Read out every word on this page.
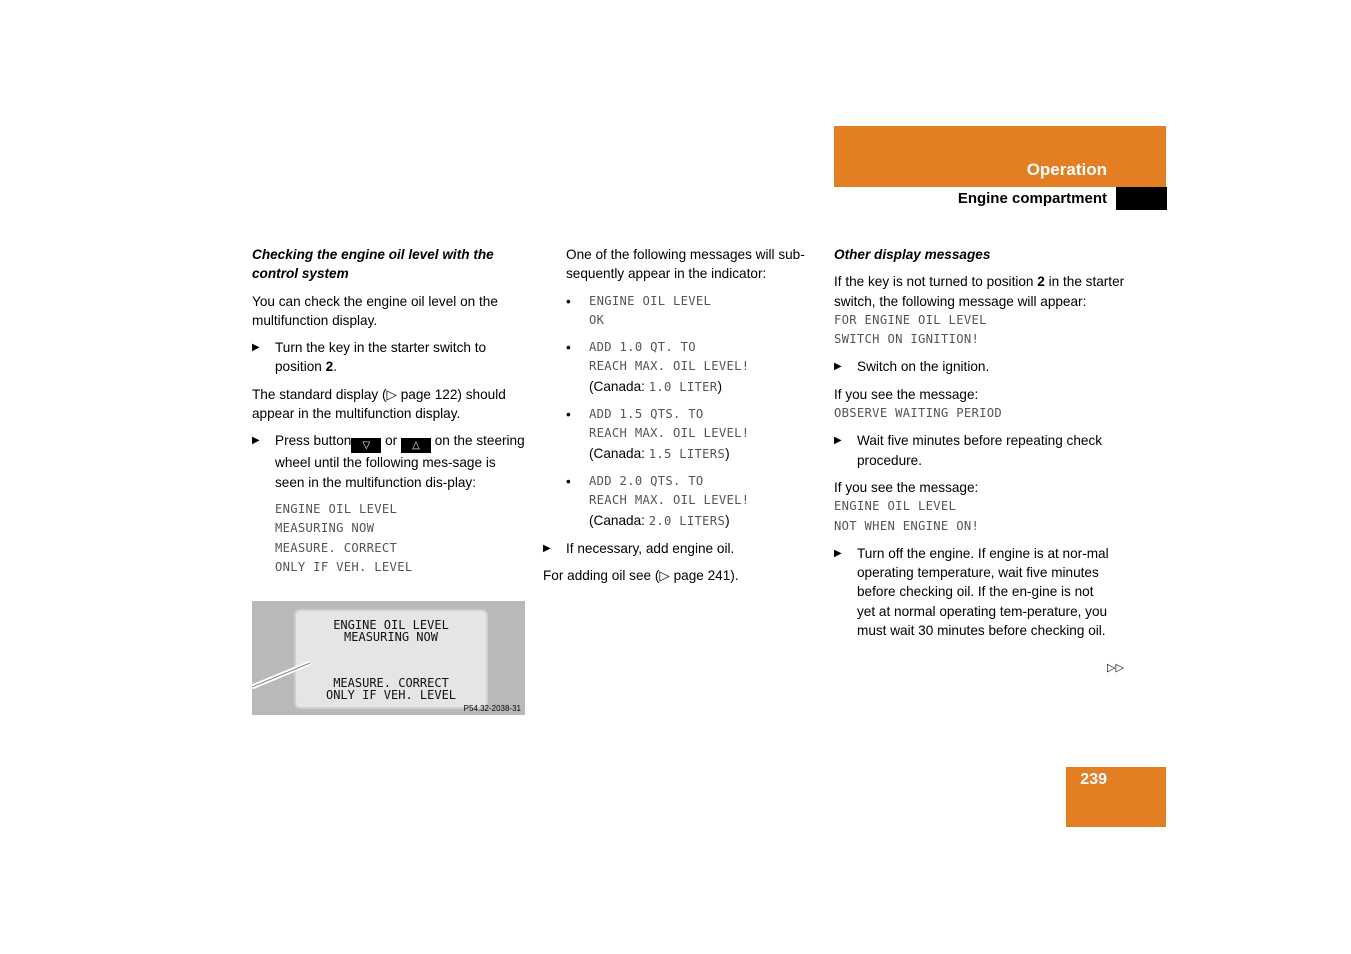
Operation
Engine compartment

Checking the engine oil level with the control system

You can check the engine oil level on the multifunction display.

▶ Turn the key in the starter switch to position 2.

The standard display (▷ page 122) should appear in the multifunction display.

▶ Press button ▽ or △ on the steering wheel until the following mes-sage is seen in the multifunction dis-play:
ENGINE OIL LEVEL
MEASURING NOW
MEASURE. CORRECT
ONLY IF VEH. LEVEL
ENGINE OIL LEVEL
MEASURING NOW
MEASURE. CORRECT
ONLY IF VEH. LEVEL
P54.32-2038-31

One of the following messages will sub-sequently appear in the indicator:

• ENGINE OIL LEVEL
OK
• ADD 1.0 QT. TO
REACH MAX. OIL LEVEL!
(Canada: 1.0 LITER)
• ADD 1.5 QTS. TO
REACH MAX. OIL LEVEL!
(Canada: 1.5 LITERS)
• ADD 2.0 QTS. TO
REACH MAX. OIL LEVEL!
(Canada: 2.0 LITERS)
▶ If necessary, add engine oil.

For adding oil see (▷ page 241).

Other display messages

If the key is not turned to position 2 in the starter switch, the following message will appear:
FOR ENGINE OIL LEVEL
SWITCH ON IGNITION!
▶ Switch on the ignition.
If you see the message:
OBSERVE WAITING PERIOD
▶ Wait five minutes before repeating check procedure.
If you see the message:
ENGINE OIL LEVEL
NOT WHEN ENGINE ON!
▶ Turn off the engine. If engine is at nor-mal operating temperature, wait five minutes before checking oil. If the en-gine is not yet at normal operating tem-perature, you must wait 30 minutes before checking oil.
▷▷
239
